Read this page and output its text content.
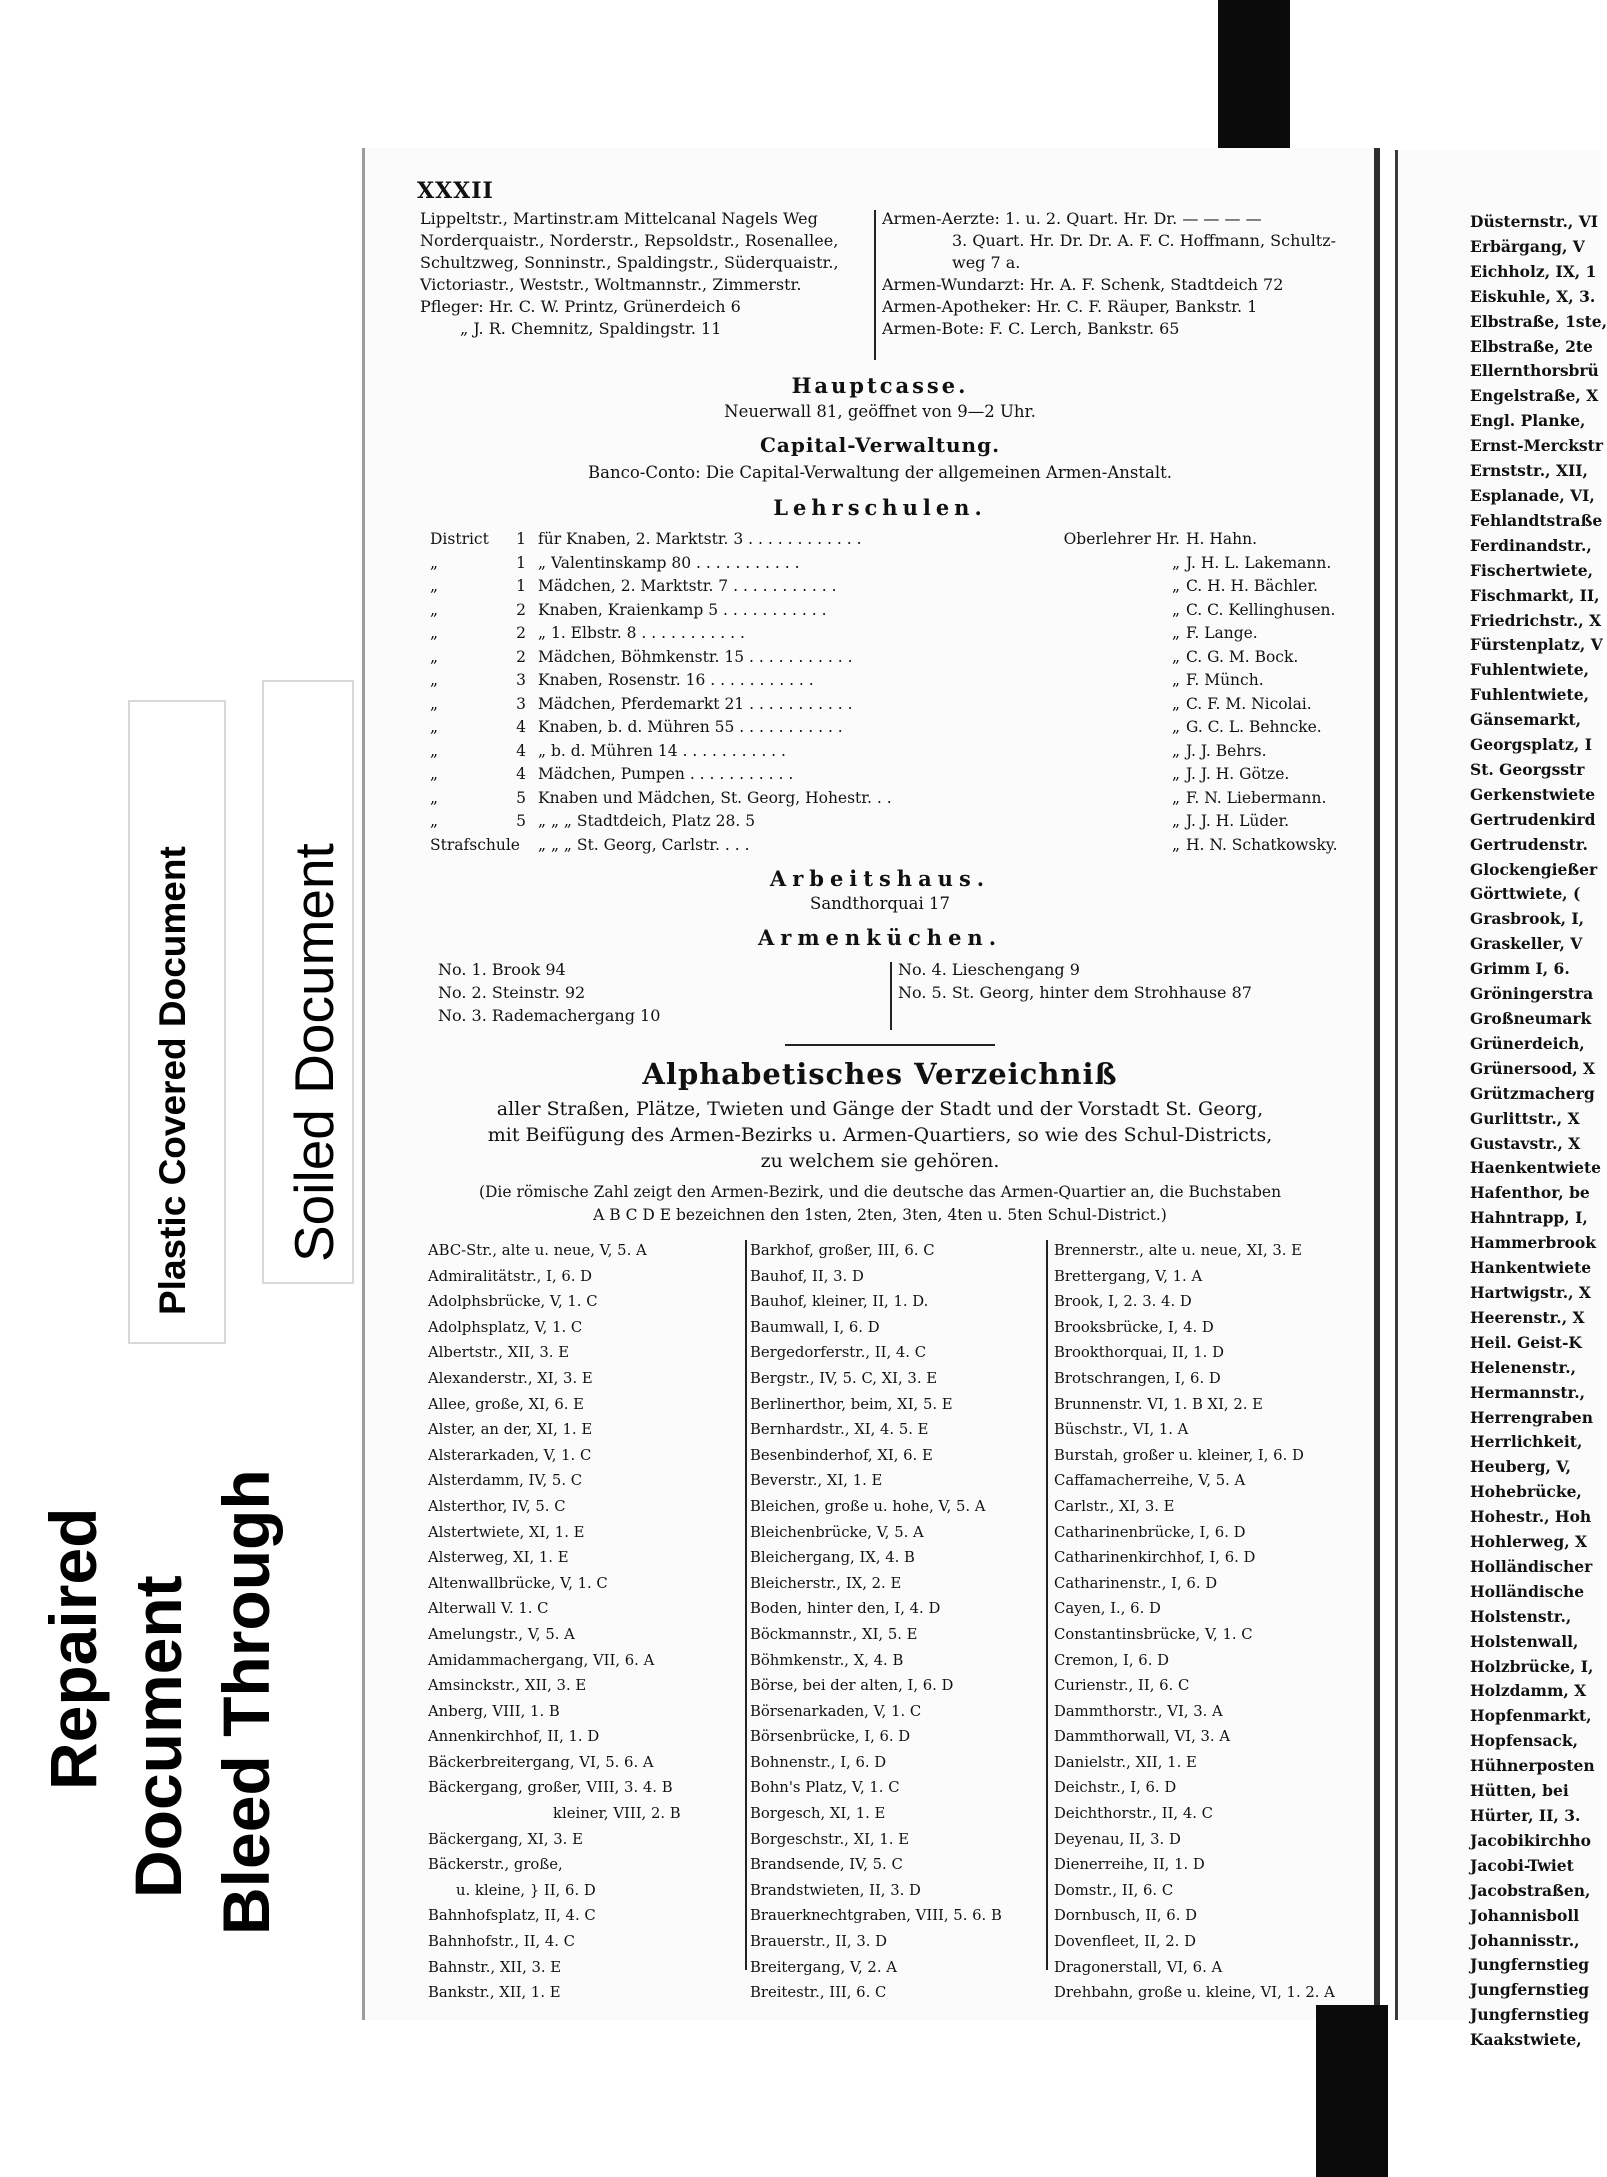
Repaired Document Bleed Through
Plastic Covered Document Soiled Document
XXXII
Lippeltstr., Martinstr.am Mittelcanal Nagels Weg
Norderquaistr., Norderstr., Repsoldstr., Rosenallee,
Schultzweg, Sonninstr., Spaldingstr., Süderquaistr.,
Victoriastr., Weststr., Woltmannstr., Zimmerstr.
Pfleger: Hr. C. W. Printz, Grünerdeich 6
„ J. R. Chemnitz, Spaldingstr. 11
Armen-Aerzte: 1. u. 2. Quart. Hr. Dr. — — — —
3. Quart. Hr. Dr. Dr. A. F. C. Hoffmann, Schultz-
weg 7 a.
Armen-Wundarzt: Hr. A. F. Schenk, Stadtdeich 72
Armen-Apotheker: Hr. C. F. Räuper, Bankstr. 1
Armen-Bote: F. C. Lerch, Bankstr. 65
Hauptcasse.
Neuerwall 81, geöffnet von 9—2 Uhr.
Capital-Verwaltung.
Banco-Conto: Die Capital-Verwaltung der allgemeinen Armen-Anstalt.
Lehrschulen.
District	1 für Knaben, 2. Marktstr. 3 . . . . . . . . . . . .	Oberlehrer Hr. H. Hahn.
„	1 „ Valentinskamp 80 . . . . . . . . . . .	„ J. H. L. Lakemann.
„	1 Mädchen, 2. Marktstr. 7 . . . . . . . . . . .	„ C. H. H. Bächler.
„	2 Knaben, Kraienkamp 5 . . . . . . . . . . .	„ C. C. Kellinghusen.
„	2 „ 1. Elbstr. 8 . . . . . . . . . . .	„ F. Lange.
„	2 Mädchen, Böhmkenstr. 15 . . . . . . . . . . .	„ C. G. M. Bock.
„	3 Knaben, Rosenstr. 16 . . . . . . . . . . .	„ F. Münch.
„	3 Mädchen, Pferdemarkt 21 . . . . . . . . . . .	„ C. F. M. Nicolai.
„	4 Knaben, b. d. Mühren 55 . . . . . . . . . . .	„ G. C. L. Behncke.
„	4 „ b. d. Mühren 14 . . . . . . . . . . .	„ J. J. Behrs.
„	4 Mädchen, Pumpen . . . . . . . . . . .	„ J. J. H. Götze.
„	5 Knaben und Mädchen, St. Georg, Hohestr. . .	„ F. N. Liebermann.
„	5 „ „ „ Stadtdeich, Platz 28. 5	„ J. J. H. Lüder.
Strafschule „ „ „ St. Georg, Carlstr. . . .	„ H. N. Schatkowsky.
Arbeitshaus.
Sandthorquai 17
Armenküchen.
No. 1. Brook 94
No. 2. Steinstr. 92
No. 3. Rademachergang 10
No. 4. Lieschengang 9
No. 5. St. Georg, hinter dem Strohhause 87
Alphabetisches Verzeichniß
aller Straßen, Plätze, Twieten und Gänge der Stadt und der Vorstadt St. Georg,
mit Beifügung des Armen-Bezirks u. Armen-Quartiers, so wie des Schul-Districts,
zu welchem sie gehören.
(Die römische Zahl zeigt den Armen-Bezirk, und die deutsche das Armen-Quartier an, die Buchstaben
A B C D E bezeichnen den 1sten, 2ten, 3ten, 4ten u. 5ten Schul-District.)
ABC-Str., alte u. neue, V, 5. A
Admiralitätstr., I, 6. D
Adolphsbrücke, V, 1. C
Adolphsplatz, V, 1. C
Albertstr., XII, 3. E
Alexanderstr., XI, 3. E
Allee, große, XI, 6. E
Alster, an der, XI, 1. E
Alsterarkaden, V, 1. C
Alsterdamm, IV, 5. C
Alsterthor, IV, 5. C
Alstertwiete, XI, 1. E
Alsterweg, XI, 1. E
Altenwallbrücke, V, 1. C
Alterwall V. 1. C
Amelungstr., V, 5. A
Amidammachergang, VII, 6. A
Amsinckstr., XII, 3. E
Anberg, VIII, 1. B
Annenkirchhof, II, 1. D
Bäckerbreitergang, VI, 5. 6. A
Bäckergang, großer, VIII, 3. 4. B
kleiner, VIII, 2. B
Bäckergang, XI, 3. E
Bäckerstr., große,
u. kleine, } II, 6. D
Bahnhofsplatz, II, 4. C
Bahnhofstr., II, 4. C
Bahnstr., XII, 3. E
Bankstr., XII, 1. E
Barkhof, großer, III, 6. C
Bauhof, II, 3. D
Bauhof, kleiner, II, 1. D.
Baumwall, I, 6. D
Bergedorferstr., II, 4. C
Bergstr., IV, 5. C, XI, 3. E
Berlinerthor, beim, XI, 5. E
Bernhardstr., XI, 4. 5. E
Besenbinderhof, XI, 6. E
Beverstr., XI, 1. E
Bleichen, große u. hohe, V, 5. A
Bleichenbrücke, V, 5. A
Bleichergang, IX, 4. B
Bleicherstr., IX, 2. E
Boden, hinter den, I, 4. D
Böckmannstr., XI, 5. E
Böhmkenstr., X, 4. B
Börse, bei der alten, I, 6. D
Börsenarkaden, V, 1. C
Börsenbrücke, I, 6. D
Bohnenstr., I, 6. D
Bohn's Platz, V, 1. C
Borgesch, XI, 1. E
Borgeschstr., XI, 1. E
Brandsende, IV, 5. C
Brandstwieten, II, 3. D
Brauerknechtgraben, VIII, 5. 6. B
Brauerstr., II, 3. D
Breitergang, V, 2. A
Breitestr., III, 6. C
Brennerstr., alte u. neue, XI, 3. E
Brettergang, V, 1. A
Brook, I, 2. 3. 4. D
Brooksbrücke, I, 4. D
Brookthorquai, II, 1. D
Brotschrangen, I, 6. D
Brunnenstr. VI, 1. B XI, 2. E
Büschstr., VI, 1. A
Burstah, großer u. kleiner, I, 6. D
Caffamacherreihe, V, 5. A
Carlstr., XI, 3. E
Catharinenbrücke, I, 6. D
Catharinenkirchhof, I, 6. D
Catharinenstr., I, 6. D
Cayen, I., 6. D
Constantinsbrücke, V, 1. C
Cremon, I, 6. D
Curienstr., II, 6. C
Dammthorstr., VI, 3. A
Dammthorwall, VI, 3. A
Danielstr., XII, 1. E
Deichstr., I, 6. D
Deichthorstr., II, 4. C
Deyenau, II, 3. D
Dienerreihe, II, 1. D
Domstr., II, 6. C
Dornbusch, II, 6. D
Dovenfleet, II, 2. D
Dragonerstall, VI, 6. A
Drehbahn, große u. kleine, VI, 1. 2. A
Düsternstr., VI
Erbärgang, V
Eichholz, IX, 1
Eiskuhle, X, 3.
Elbstraße, 1ste,
Elbstraße, 2te
Ellernthorsbrü
Engelstraße, X
Engl. Planke,
Ernst-Merckstr
Ernststr., XII,
Esplanade, VI,
Fehlandtstraße
Ferdinandstr.,
Fischertwiete,
Fischmarkt, II,
Friedrichstr., X
Fürstenplatz, V
Fuhlentwiete,
Fuhlentwiete,
Gänsemarkt,
Georgsplatz, I
St. Georgsstr
Gerkenstwiete
Gertrudenkird
Gertrudenstr.
Glockengießer
Görttwiete, (
Grasbrook, I,
Graskeller, V
Grimm I, 6.
Gröningerstra
Großneumark
Grünerdeich,
Grünersood, X
Grützmacherg
Gurlittstr., X
Gustavstr., X
Haenkentwiete
Hafenthor, be
Hahntrapp, I,
Hammerbrook
Hankentwiete
Hartwigstr., X
Heerenstr., X
Heil. Geist-K
Helenenstr.,
Hermannstr.,
Herrengraben
Herrlichkeit,
Heuberg, V,
Hohebrücke,
Hohestr., Hoh
Hohlerweg, X
Holländischer
Holländische
Holstenstr.,
Holstenwall,
Holzbrücke, I,
Holzdamm, X
Hopfenmarkt,
Hopfensack,
Hühnerposten
Hütten, bei
Hürter, II, 3.
Jacobikirchho
Jacobi-Twiet
Jacobstraßen,
Johannisboll
Johannisstr.,
Jungfernstieg
Jungfernstieg
Jungfernstieg
Kaakstwiete,
